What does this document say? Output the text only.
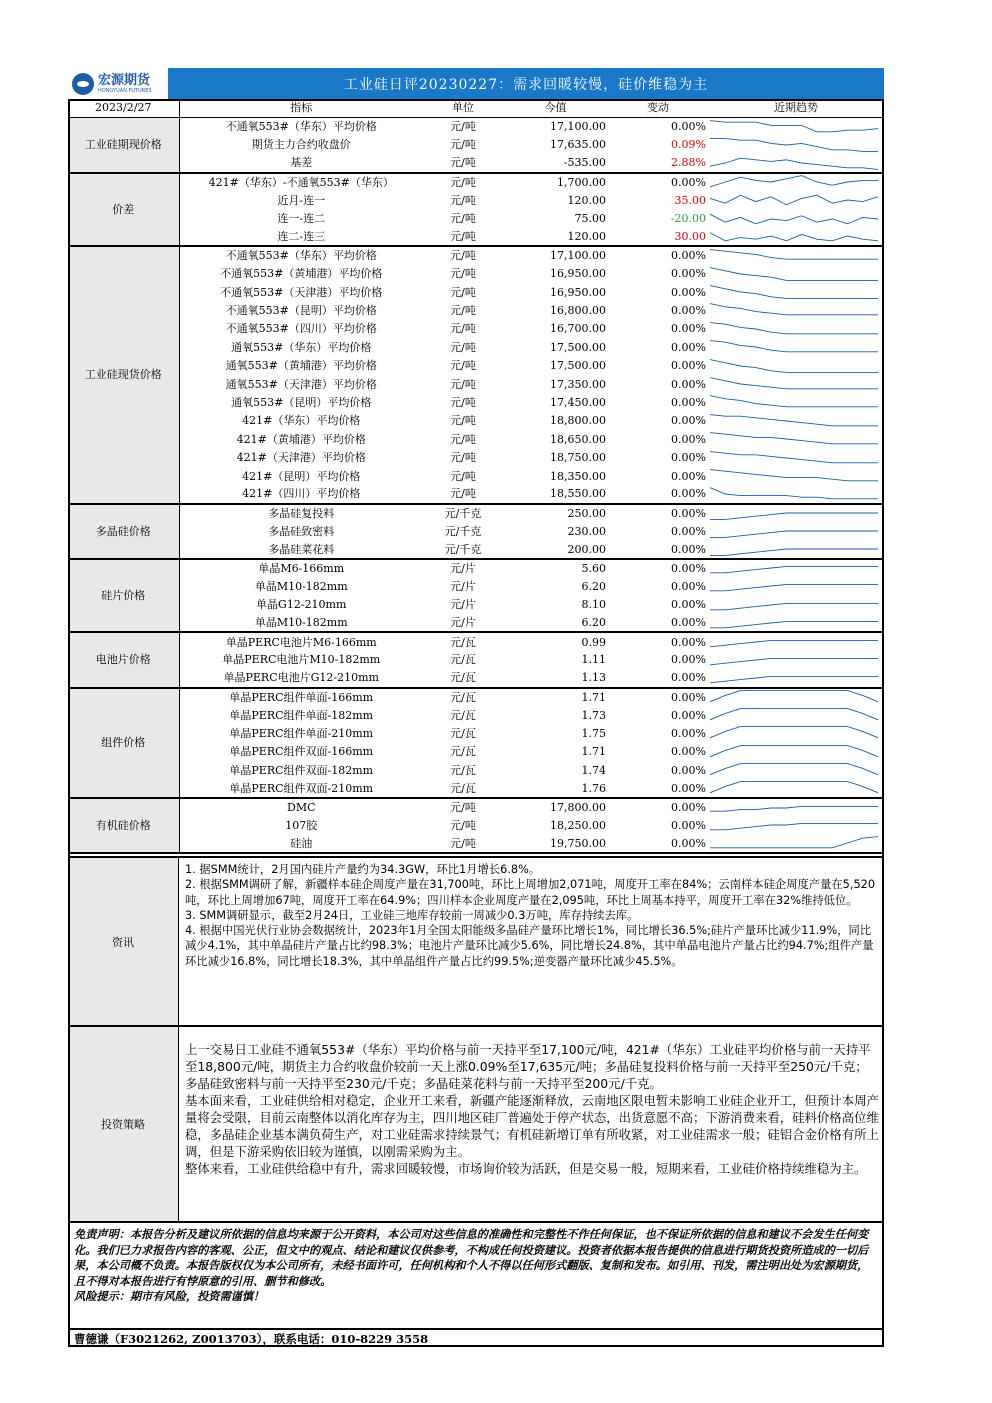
宏源期货
HONGYUAN FUTURES	工业硅日评20230227：需求回暖较慢，硅价维稳为主
2023/2/27	指标	单位	今值	变动	近期趋势
工业硅期现价格	不通氧553#（华东）平均价格	元/吨	17,100.00	0.00%	

	期货主力合约收盘价	元/吨	17,635.00	0.09%	

	基差	元/吨	-535.00	2.88%	

价差	421#（华东）-不通氧553#（华东）	元/吨	1,700.00	0.00%	

	近月-连一	元/吨	120.00	35.00	

	连一-连二	元/吨	75.00	-20.00	

	连二-连三	元/吨	120.00	30.00	

工业硅现货价格	不通氧553#（华东）平均价格	元/吨	17,100.00	0.00%	

	不通氧553#（黄埔港）平均价格	元/吨	16,950.00	0.00%	

	不通氧553#（天津港）平均价格	元/吨	16,950.00	0.00%	

	不通氧553#（昆明）平均价格	元/吨	16,800.00	0.00%	

	不通氧553#（四川）平均价格	元/吨	16,700.00	0.00%	

	通氧553#（华东）平均价格	元/吨	17,500.00	0.00%	

	通氧553#（黄埔港）平均价格	元/吨	17,500.00	0.00%	

	通氧553#（天津港）平均价格	元/吨	17,350.00	0.00%	

	通氧553#（昆明）平均价格	元/吨	17,450.00	0.00%	

	421#（华东）平均价格	元/吨	18,800.00	0.00%	

	421#（黄埔港）平均价格	元/吨	18,650.00	0.00%	

	421#（天津港）平均价格	元/吨	18,750.00	0.00%	

	421#（昆明）平均价格	元/吨	18,350.00	0.00%	

	421#（四川）平均价格	元/吨	18,550.00	0.00%	

多晶硅价格	多晶硅复投料	元/千克	250.00	0.00%	

	多晶硅致密料	元/千克	230.00	0.00%	

	多晶硅菜花料	元/千克	200.00	0.00%	

硅片价格	单晶M6-166mm	元/片	5.60	0.00%	

	单晶M10-182mm	元/片	6.20	0.00%	

	单晶G12-210mm	元/片	8.10	0.00%	

	单晶M10-182mm	元/片	6.20	0.00%	

电池片价格	单晶PERC电池片M6-166mm	元/瓦	0.99	0.00%	

	单晶PERC电池片M10-182mm	元/瓦	1.11	0.00%	

	单晶PERC电池片G12-210mm	元/瓦	1.13	0.00%	

组件价格	单晶PERC组件单面-166mm	元/瓦	1.71	0.00%	

	单晶PERC组件单面-182mm	元/瓦	1.73	0.00%	

	单晶PERC组件单面-210mm	元/瓦	1.75	0.00%	

	单晶PERC组件双面-166mm	元/瓦	1.71	0.00%	

	单晶PERC组件双面-182mm	元/瓦	1.74	0.00%	

	单晶PERC组件双面-210mm	元/瓦	1.76	0.00%	

有机硅价格	DMC	元/吨	17,800.00	0.00%	

	107胶	元/吨	18,250.00	0.00%	

	硅油	元/吨	19,750.00	0.00%	
资讯

1. 据SMM统计，2月国内硅片产量约为34.3GW，环比1月增长6.8%。

2. 根据SMM调研了解，新疆样本硅企周度产量在31,700吨，环比上周增加2,071吨，周度开工率在84%；云南样本硅企周度产量在5,520吨，环比上周增加67吨，周度开工率在64.9%；四川样本企业周度产量在2,095吨，环比上周基本持平，周度开工率在32%维持低位。

3. SMM调研显示，截至2月24日，工业硅三地库存较前一周减少0.3万吨，库存持续去库。

4. 根据中国光伏行业协会数据统计，2023年1月全国太阳能级多晶硅产量环比增长1%，同比增长36.5%;硅片产量环比减少11.9%，同比减少4.1%，其中单晶硅片产量占比约98.3%；电池片产量环比减少5.6%，同比增长24.8%，其中单晶电池片产量占比约94.7%;组件产量环比减少16.8%，同比增长18.3%，其中单晶组件产量占比约99.5%;逆变器产量环比减少45.5%。

投资策略

上一交易日工业硅不通氧553#（华东）平均价格与前一天持平至17,100元/吨，421#（华东）工业硅平均价格与前一天持平至18,800元/吨，期货主力合约收盘价较前一天上涨0.09%至17,635元/吨；多晶硅复投料价格与前一天持平至250元/千克；多晶硅致密料与前一天持平至230元/千克；多晶硅菜花料与前一天持平至200元/千克。

基本面来看，工业硅供给相对稳定，企业开工来看，新疆产能逐渐释放，云南地区限电暂未影响工业硅企业开工，但预计本周产量将会受限，目前云南整体以消化库存为主，四川地区硅厂普遍处于停产状态，出货意愿不高；下游消费来看，硅料价格高位维稳，多晶硅企业基本满负荷生产，对工业硅需求持续景气；有机硅新增订单有所收紧，对工业硅需求一般；硅铝合金价格有所上调，但是下游采购依旧较为谨慎，以刚需采购为主。

整体来看，工业硅供给稳中有升，需求回暖较慢，市场询价较为活跃，但是交易一般，短期来看，工业硅价格持续维稳为主。

免责声明：本报告分析及建议所依据的信息均来源于公开资料，本公司对这些信息的准确性和完整性不作任何保证，也不保证所依据的信息和建议不会发生任何变化。我们已力求报告内容的客观、公正，但文中的观点、结论和建议仅供参考，不构成任何投资建议。投资者依据本报告提供的信息进行期货投资所造成的一切后果，本公司概不负责。本报告版权仅为本公司所有，未经书面许可，任何机构和个人不得以任何形式翻版、复制和发布。如引用、刊发，需注明出处为宏源期货，且不得对本报告进行有悖原意的引用、删节和修改。

风险提示：期市有风险，投资需谨慎！

曹德谦（F3021262, Z0013703），联系电话：010-8229 3558
